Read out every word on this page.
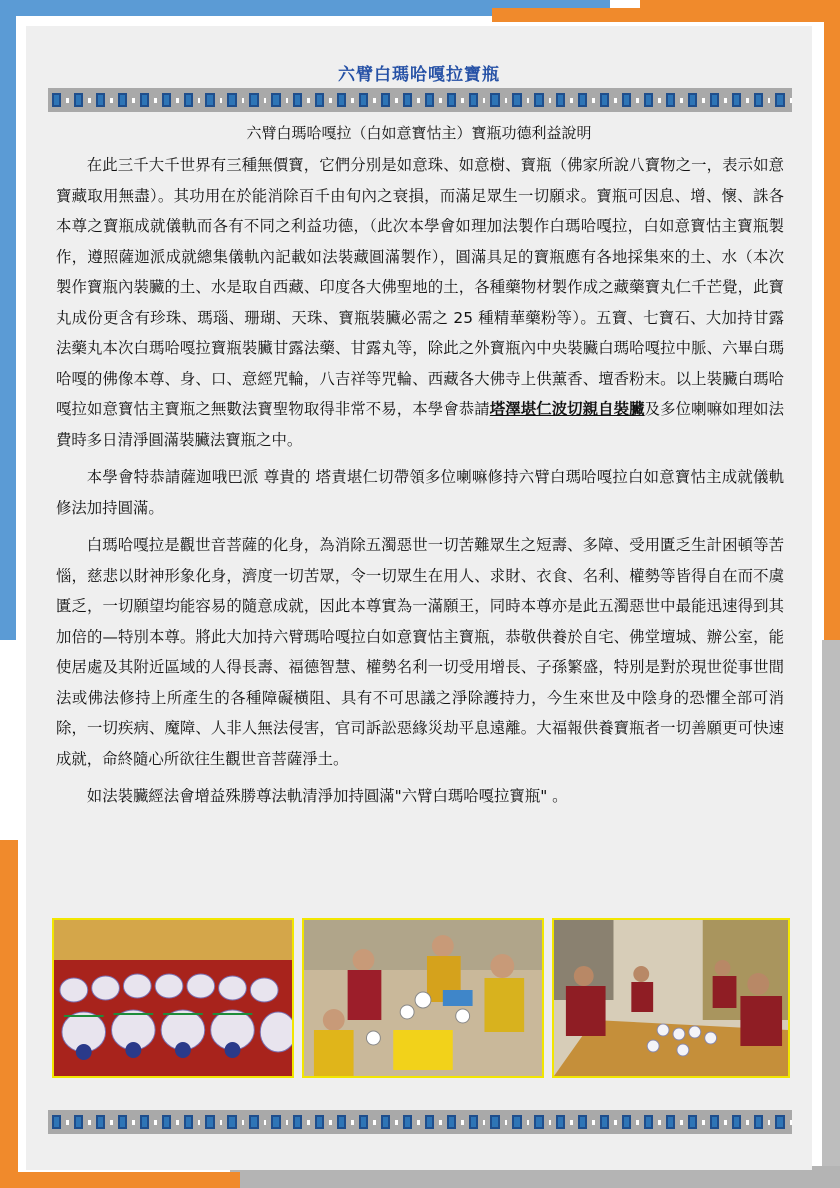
六臂白瑪哈嘎拉寶瓶
六臂白瑪哈嘎拉（白如意寶怙主）寶瓶功德利益說明

在此三千大千世界有三種無價寶，它們分別是如意珠、如意樹、寶瓶（佛家所說八寶物之一，表示如意寶藏取用無盡）。其功用在於能消除百千由旬內之衰損，而滿足眾生一切願求。寶瓶可因息、增、懷、誅各本尊之寶瓶成就儀軌而各有不同之利益功德，（此次本學會如理加法製作白瑪哈嘎拉，白如意寶怙主寶瓶製作，遵照薩迦派成就總集儀軌內記載如法裝藏圓滿製作），圓滿具足的寶瓶應有各地採集來的土、水（本次製作寶瓶內裝臟的土、水是取自西藏、印度各大佛聖地的土，各種藥物材製作成之藏藥寶丸仁千芒覺，此寶丸成份更含有珍珠、瑪瑙、珊瑚、天珠、寶瓶裝臟必需之 25 種精華藥粉等）。五寶、七寶石、大加持甘露法藥丸本次白瑪哈嘎拉寶瓶裝臟甘露法藥、甘露丸等，除此之外寶瓶內中央裝臟白瑪哈嘎拉中脈、六畢白瑪哈嘎的佛像本尊、身、口、意經咒輪，八吉祥等咒輪、西藏各大佛寺上供薰香、壇香粉末。以上裝臟白瑪哈嘎拉如意寶怙主寶瓶之無數法寶聖物取得非常不易，本學會恭請塔澤堪仁波切親自裝臟及多位喇嘛如理如法費時多日清淨圓滿裝臟法寶瓶之中。

本學會特恭請薩迦哦巴派 尊貴的 塔責堪仁切帶領多位喇嘛修持六臂白瑪哈嘎拉白如意寶怙主成就儀軌修法加持圓滿。

白瑪哈嘎拉是觀世音菩薩的化身，為消除五濁惡世一切苦難眾生之短壽、多障、受用匱乏生計困頓等苦惱，慈悲以財神形象化身，濟度一切苦眾，令一切眾生在用人、求財、衣食、名利、權勢等皆得自在而不虞匱乏，一切願望均能容易的隨意成就，因此本尊實為一滿願王，同時本尊亦是此五濁惡世中最能迅速得到其加倍的—特別本尊。將此大加持六臂瑪哈嘎拉白如意寶怙主寶瓶，恭敬供養於自宅、佛堂壇城、辦公室，能使居處及其附近區域的人得長壽、福德智慧、權勢名利一切受用增長、子孫繁盛，特別是對於現世從事世間法或佛法修持上所產生的各種障礙橫阻、具有不可思議之淨除護持力，今生來世及中陰身的恐懼全部可消除，一切疾病、魔障、人非人無法侵害，官司訴訟惡緣災劫平息遠離。大福報供養寶瓶者一切善願更可快速成就，命終隨心所欲往生觀世音菩薩淨土。

如法裝臟經法會增益殊勝尊法軌清淨加持圓滿"六臂白瑪哈嘎拉寶瓶" 。
